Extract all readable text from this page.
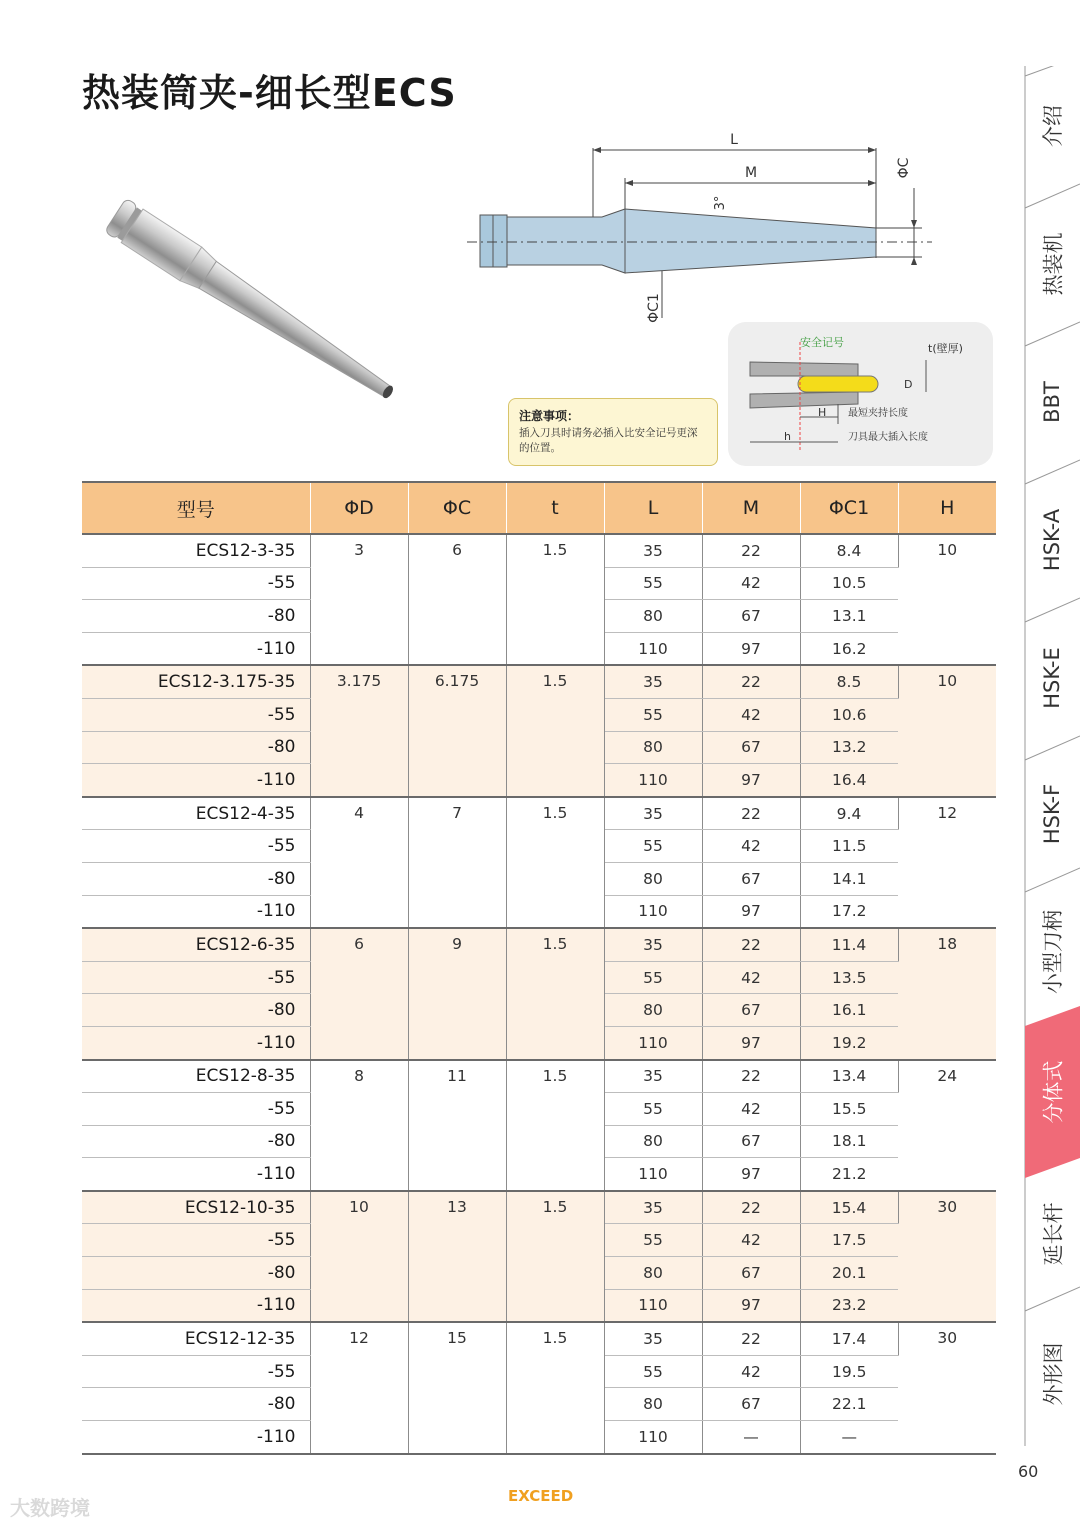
热装筒夹-细长型ECS
L
M	ΦC
ΦC1
3°
注意事项：
插入刀具时请务必插入比安全记号更深的位置。
安全记号	t(壁厚)
D
H
h
最短夹持长度
刀具最大插入长度
型号	ΦD	ΦC	t	L	M	ΦC1	H
ECS12-3-35	3	6	1.5	35	22	8.4	10
-55				55	42	10.5	
-80				80	67	13.1	
-110				110	97	16.2	
ECS12-3.175-35	3.175	6.175	1.5	35	22	8.5	10
-55				55	42	10.6	
-80				80	67	13.2	
-110				110	97	16.4	
ECS12-4-35	4	7	1.5	35	22	9.4	12
-55				55	42	11.5	
-80				80	67	14.1	
-110				110	97	17.2	
ECS12-6-35	6	9	1.5	35	22	11.4	18
-55				55	42	13.5	
-80				80	67	16.1	
-110				110	97	19.2	
ECS12-8-35	8	11	1.5	35	22	13.4	24
-55				55	42	15.5	
-80				80	67	18.1	
-110				110	97	21.2	
ECS12-10-35	10	13	1.5	35	22	15.4	30
-55				55	42	17.5	
-80				80	67	20.1	
-110				110	97	23.2	
ECS12-12-35	12	15	1.5	35	22	17.4	30
-55				55	42	19.5	
-80				80	67	22.1	
-110				110	—	—	
介绍
热装机
BBT
HSK-A
HSK-E
HSK-F
小型刀柄
分体式
延长杆
外形图
60
EXCEED
大数跨境
